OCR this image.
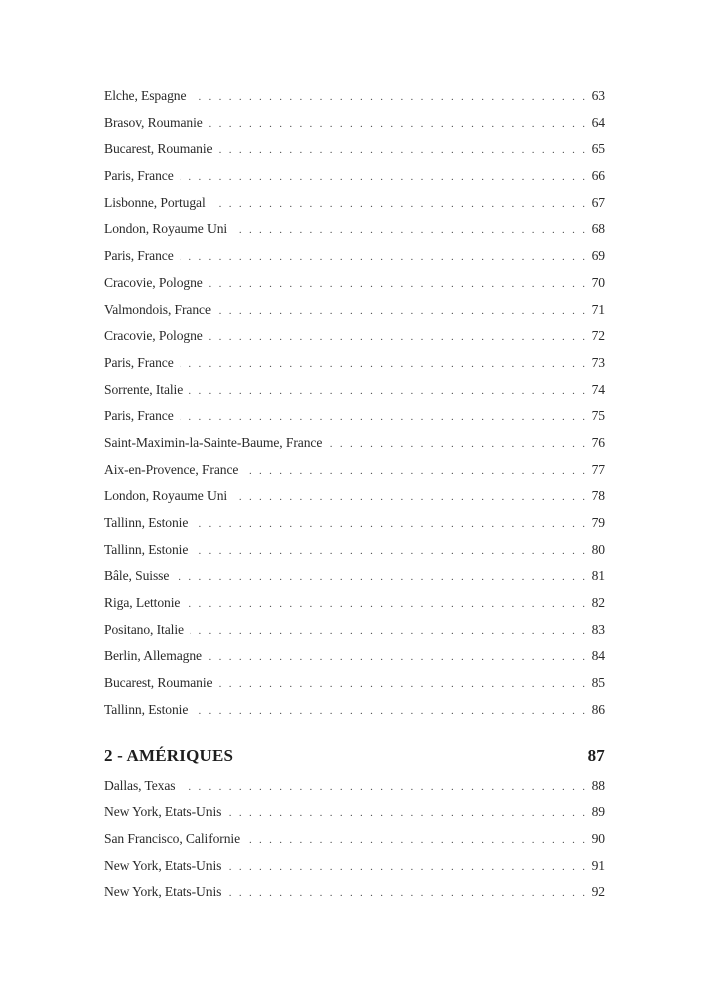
Elche, Espagne . . .	63
Brasov, Roumanie . . .	64
Bucarest, Roumanie . . .	65
Paris, France . . .	66
Lisbonne, Portugal . . .	67
London, Royaume Uni . . .	68
Paris, France . . .	69
Cracovie, Pologne . . .	70
Valmondois, France . . .	71
Cracovie, Pologne . . .	72
Paris, France . . .	73
Sorrente, Italie . . .	74
Paris, France . . .	75
Saint-Maximin-la-Sainte-Baume, France . . .	76
Aix-en-Provence, France . . .	77
London, Royaume Uni . . .	78
Tallinn, Estonie . . .	79
Tallinn, Estonie . . .	80
Bâle, Suisse . . .	81
Riga, Lettonie . . .	82
Positano, Italie . . .	83
Berlin, Allemagne . . .	84
Bucarest, Roumanie . . .	85
Tallinn, Estonie . . .	86
2 - AMÉRIQUES	87
Dallas, Texas . . .	88
New York, Etats-Unis . . .	89
San Francisco, Californie . . .	90
New York, Etats-Unis . . .	91
New York, Etats-Unis . . .	92
